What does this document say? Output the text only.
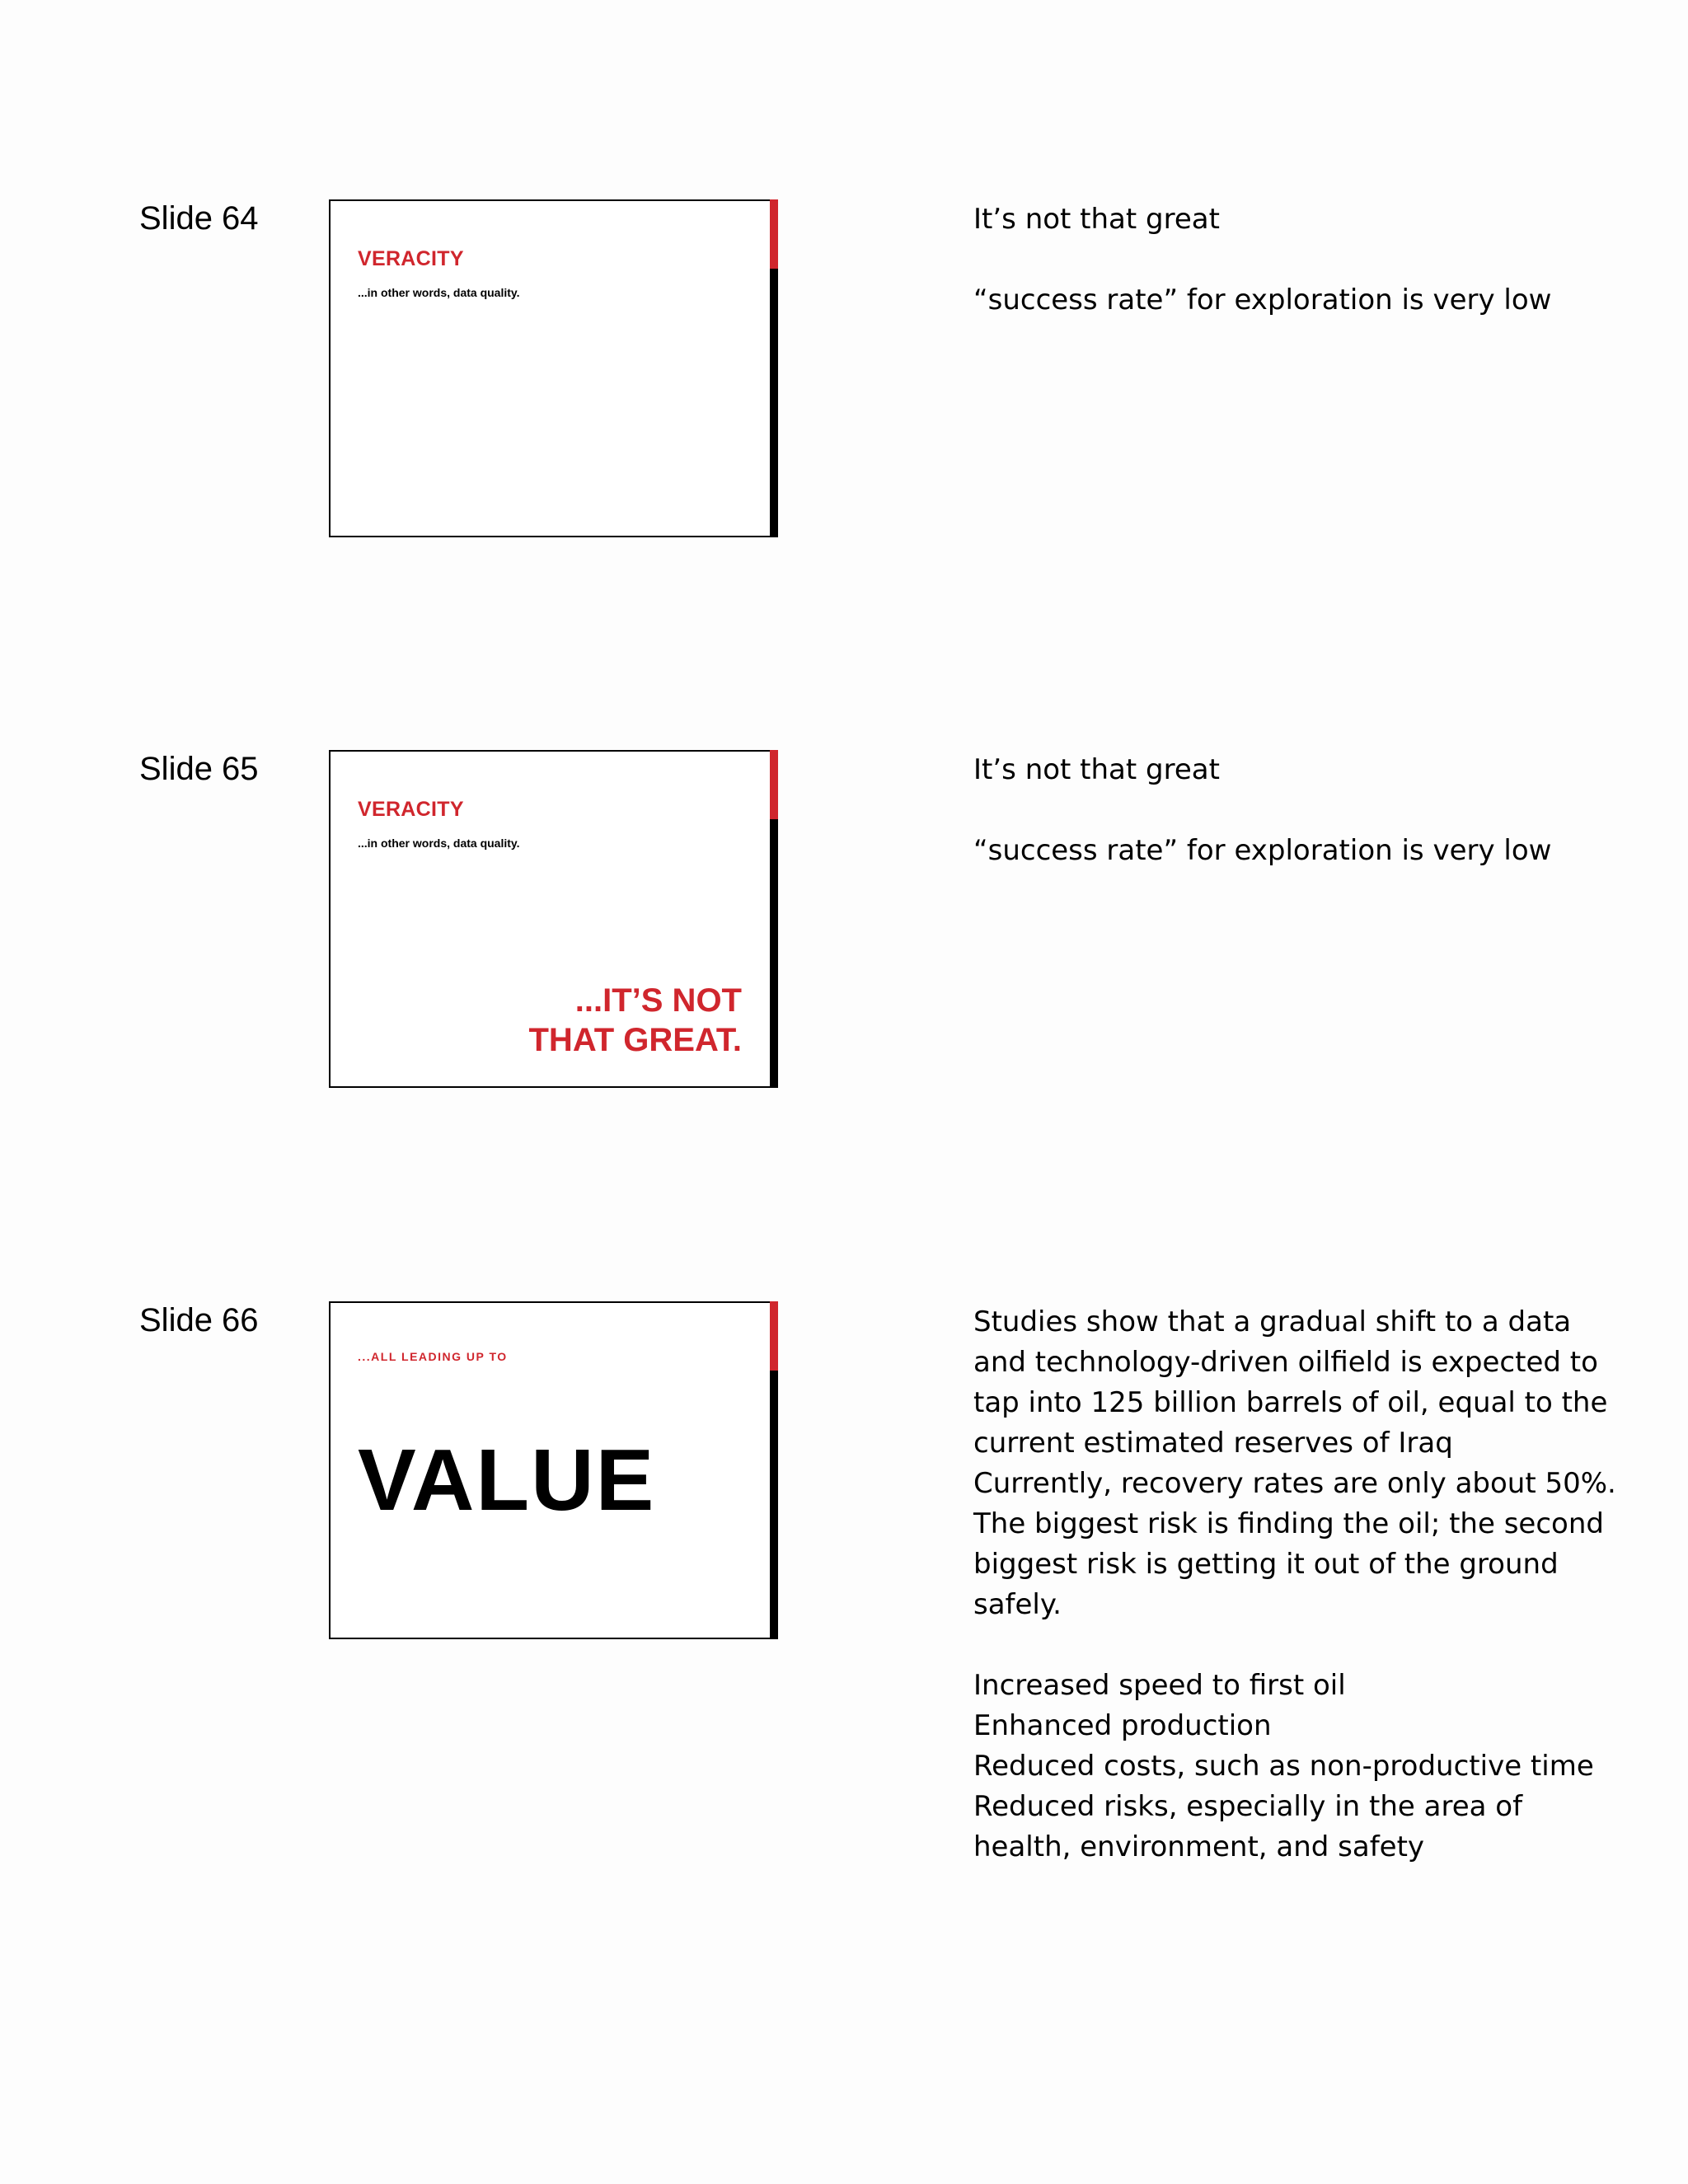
Slide 64
VERACITY
...in other words, data quality.

It’s not that great

“success rate” for exploration is very low

Slide 65
VERACITY
...in other words, data quality.
...IT’S NOT
THAT GREAT.

It’s not that great

“success rate” for exploration is very low

Slide 66
...ALL LEADING UP TO
VALUE

Studies show that a gradual shift to a data and technology-driven oilfield is expected to tap into 125 billion barrels of oil, equal to the current estimated reserves of Iraq

Currently, recovery rates are only about 50%. The biggest risk is finding the oil; the second biggest risk is getting it out of the ground safely.

Increased speed to first oil

Enhanced production

Reduced costs, such as non-productive time

Reduced risks, especially in the area of health, environment, and safety
